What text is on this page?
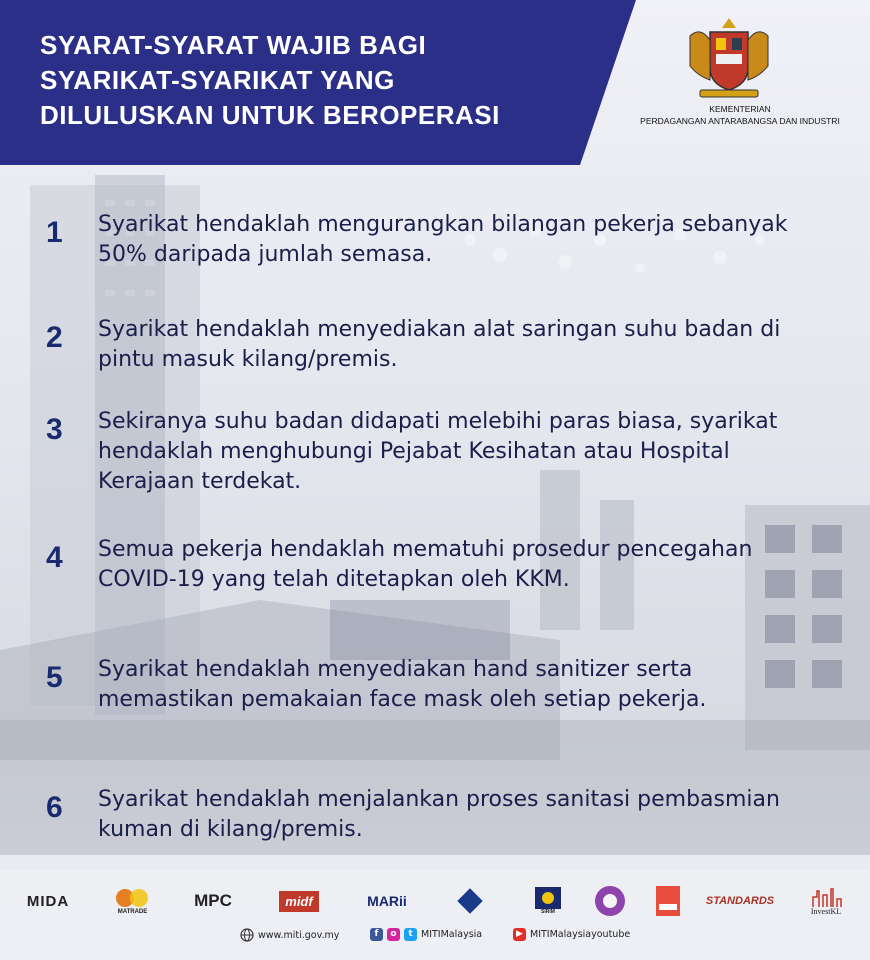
SYARAT-SYARAT WAJIB BAGI
SYARIKAT-SYARIKAT YANG
DILULUSKAN UNTUK BEROPERASI	KEMENTERIAN
PERDAGANGAN ANTARABANGSA DAN INDUSTRI
1 Syarikat hendaklah mengurangkan bilangan pekerja sebanyak 50% daripada jumlah semasa.

2 Syarikat hendaklah menyediakan alat saringan suhu badan di pintu masuk kilang/premis.

3 Sekiranya suhu badan didapati melebihi paras biasa, syarikat hendaklah menghubungi Pejabat Kesihatan atau Hospital Kerajaan terdekat.

4 Semua pekerja hendaklah mematuhi prosedur pencegahan COVID-19 yang telah ditetapkan oleh KKM.

5 Syarikat hendaklah menyediakan hand sanitizer serta memastikan pemakaian face mask oleh setiap pekerja.

6 Syarikat hendaklah menjalankan proses sanitasi pembasmian kuman di kilang/premis.

MIDA
MATRADE
MPC	midf	MARii
SIRIM
STANDARDS
InvestKL
www.miti.gov.my	f	o	t MITIMalaysia	▶ MITIMalaysiayoutube
